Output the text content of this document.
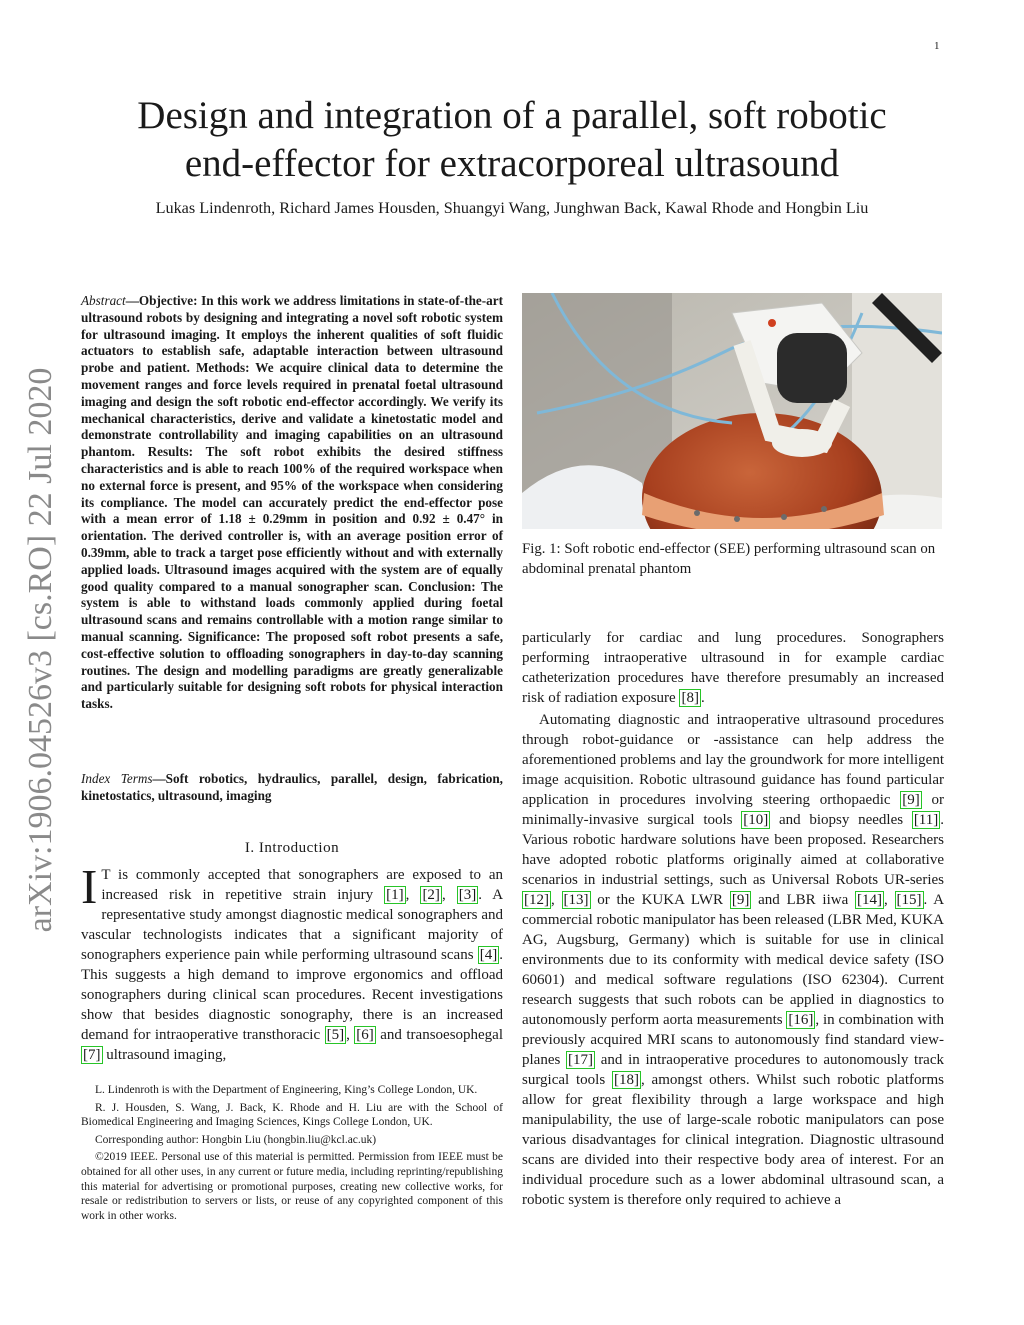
1
arXiv:1906.04526v3 [cs.RO] 22 Jul 2020
Design and integration of a parallel, soft robotic
end-effector for extracorporeal ultrasound
Lukas Lindenroth, Richard James Housden, Shuangyi Wang, Junghwan Back, Kawal Rhode and Hongbin Liu
Abstract—Objective: In this work we address limitations in state-of-the-art ultrasound robots by designing and integrating a novel soft robotic system for ultrasound imaging. It employs the inherent qualities of soft fluidic actuators to establish safe, adaptable interaction between ultrasound probe and patient. Methods: We acquire clinical data to determine the movement ranges and force levels required in prenatal foetal ultrasound imaging and design the soft robotic end-effector accordingly. We verify its mechanical characteristics, derive and validate a kinetostatic model and demonstrate controllability and imaging capabilities on an ultrasound phantom. Results: The soft robot exhibits the desired stiffness characteristics and is able to reach 100% of the required workspace when no external force is present, and 95% of the workspace when considering its compliance. The model can accurately predict the end-effector pose with a mean error of 1.18 ± 0.29mm in position and 0.92 ± 0.47° in orientation. The derived controller is, with an average position error of 0.39mm, able to track a target pose efficiently without and with externally applied loads. Ultrasound images acquired with the system are of equally good quality compared to a manual sonographer scan. Conclusion: The system is able to withstand loads commonly applied during foetal ultrasound scans and remains controllable with a motion range similar to manual scanning. Significance: The proposed soft robot presents a safe, cost-effective solution to offloading sonographers in day-to-day scanning routines. The design and modelling paradigms are greatly generalizable and particularly suitable for designing soft robots for physical interaction tasks.
Index Terms—Soft robotics, hydraulics, parallel, design, fabrication, kinetostatics, ultrasound, imaging
I. Introduction
I T is commonly accepted that sonographers are exposed to an increased risk in repetitive strain injury [1] , [2] , [3] . A representative study amongst diagnostic medical sonographers and vascular technologists indicates that a significant majority of sonographers experience pain while performing ultrasound scans [4] . This suggests a high demand to improve ergonomics and offload sonographers during clinical scan procedures. Recent investigations show that besides diagnostic sonography, there is an increased demand for intraoperative transthoracic [5] , [6] and transoesophegal [7] ultrasound imaging,

L. Lindenroth is with the Department of Engineering, King’s College London, UK.

R. J. Housden, S. Wang, J. Back, K. Rhode and H. Liu are with the School of Biomedical Engineering and Imaging Sciences, Kings College London, UK.

Corresponding author: Hongbin Liu (hongbin.liu@kcl.ac.uk)

©2019 IEEE. Personal use of this material is permitted. Permission from IEEE must be obtained for all other uses, in any current or future media, including reprinting/republishing this material for advertising or promotional purposes, creating new collective works, for resale or redistribution to servers or lists, or reuse of any copyrighted component of this work in other works.

Fig. 1: Soft robotic end-effector (SEE) performing ultrasound scan on abdominal prenatal phantom

particularly for cardiac and lung procedures. Sonographers performing intraoperative ultrasound in for example cardiac catheterization procedures have therefore presumably an increased risk of radiation exposure [8] .

Automating diagnostic and intraoperative ultrasound procedures through robot-guidance or -assistance can help address the aforementioned problems and lay the groundwork for more intelligent image acquisition. Robotic ultrasound guidance has found particular application in procedures involving steering orthopaedic [9] or minimally-invasive surgical tools [10] and biopsy needles [11] . Various robotic hardware solutions have been proposed. Researchers have adopted robotic platforms originally aimed at collaborative scenarios in industrial settings, such as Universal Robots UR-series [12] , [13] or the KUKA LWR [9] and LBR iiwa [14] , [15] . A commercial robotic manipulator has been released (LBR Med, KUKA AG, Augsburg, Germany) which is suitable for use in clinical environments due to its conformity with medical device safety (ISO 60601) and medical software regulations (ISO 62304). Current research suggests that such robots can be applied in diagnostics to autonomously perform aorta measurements [16] , in combination with previously acquired MRI scans to autonomously find standard view-planes [17] and in intraoperative procedures to autonomously track surgical tools [18] , amongst others. Whilst such robotic platforms allow for great flexibility through a large workspace and high manipulability, the use of large-scale robotic manipulators can pose various disadvantages for clinical integration. Diagnostic ultrasound scans are divided into their respective body area of interest. For an individual procedure such as a lower abdominal ultrasound scan, a robotic system is therefore only required to achieve a
